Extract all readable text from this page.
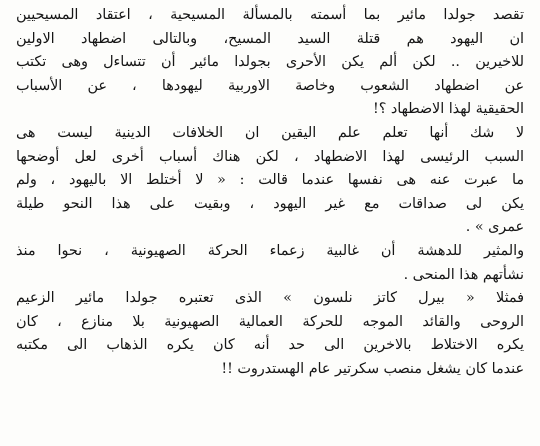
تقصد جولدا مائير بما أسمته بالمسألة المسيحية ، اعتقاد المسيحيين
ان اليهود هم قتلة السيد المسيح، وبالتالى اضطهاد الاولين
للاخيرين .. لكن ألم يكن الأحرى بجولدا مائير أن تتساءل وهى تكتب
عن اضطهاد الشعوب وخاصة الاوربية ليهودها ، عن الأسباب
الحقيقية لهذا الاضطهاد ؟!
لا شك أنها تعلم علم اليقين ان الخلافات الدينية ليست هى
السبب الرئيسى لهذا الاضطهاد ، لكن هناك أسباب أخرى لعل أوضحها
ما عبرت عنه هى نفسها عندما قالت : « لا أختلط الا باليهود ، ولم
يكن لى صداقات مع غير اليهود ، وبقيت على هذا النحو طيلة
عمرى » .
والمثير للدهشة أن غالبية زعماء الحركة الصهيونية ، نحوا منذ
نشأتهم هذا المنحى .
فمثلا « بيرل كاتز نلسون » الذى تعتبره جولدا مائير الزعيم
الروحى والقائد الموجه للحركة العمالية الصهيونية بلا منازع ، كان
يكره الاختلاط بالاخرين الى حد أنه كان يكره الذهاب الى مكتبه
عندما كان يشغل منصب سكرتير عام الهستدروت !!
